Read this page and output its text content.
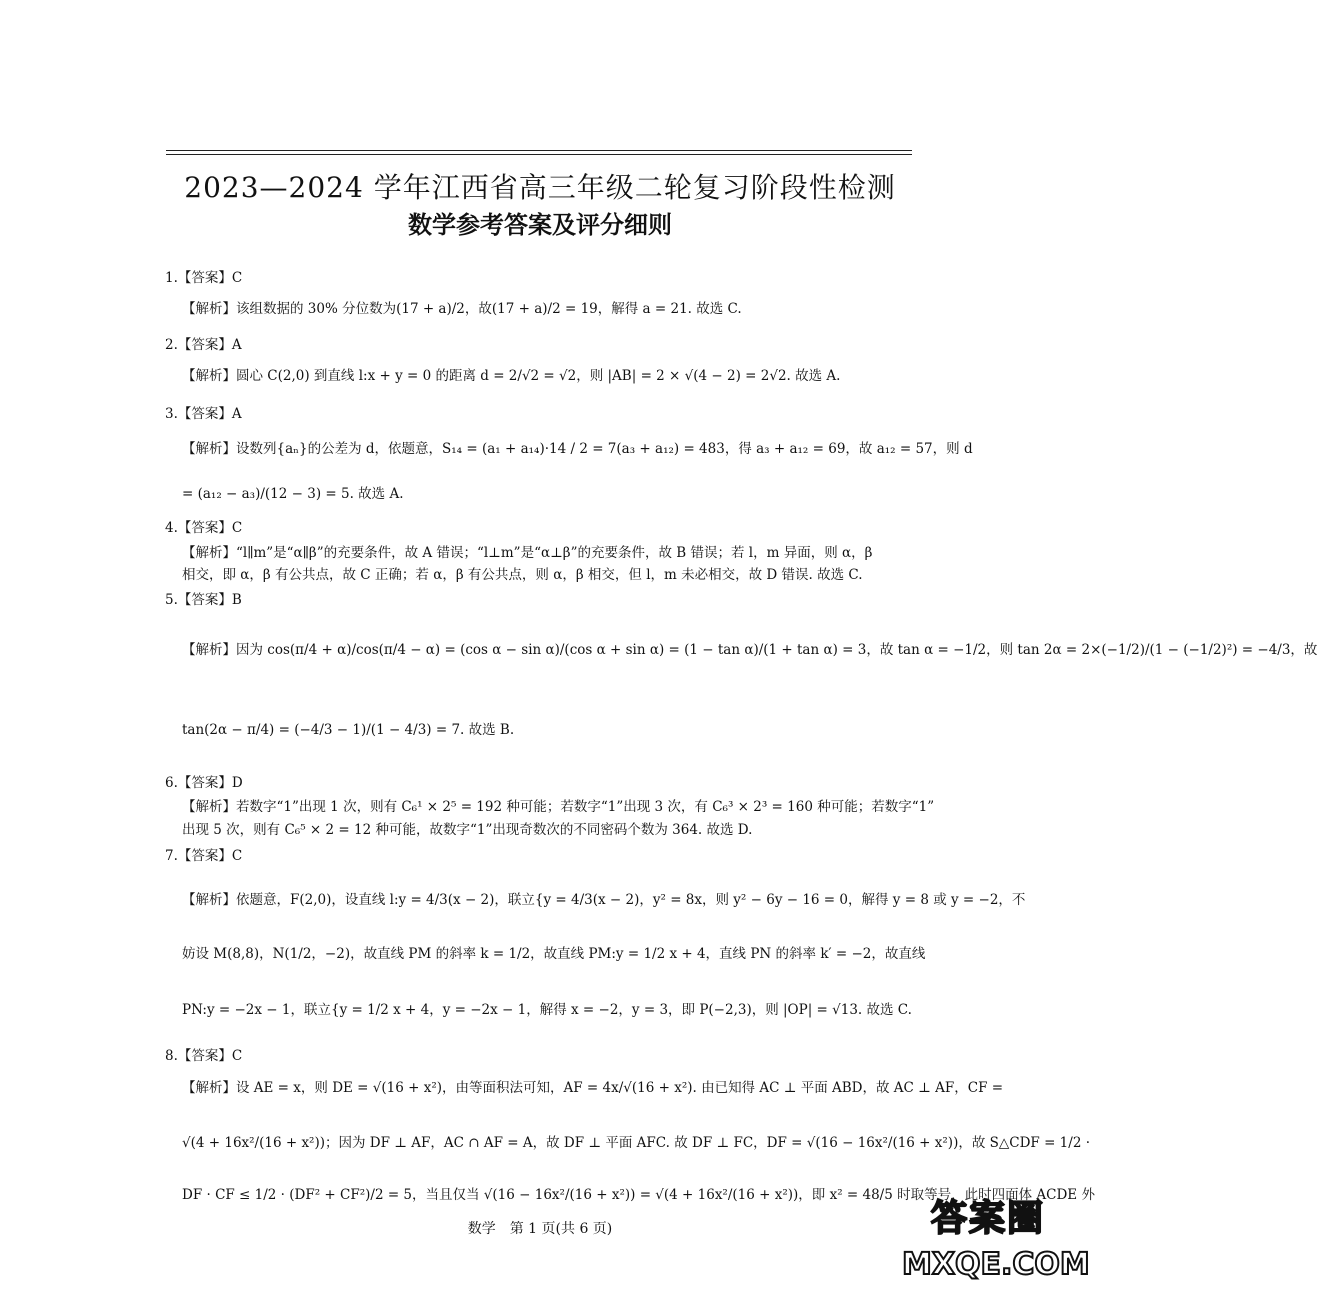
2023—2024 学年江西省高三年级二轮复习阶段性检测
数学参考答案及评分细则
1.【答案】C
【解析】该组数据的 30% 分位数为(17 + a)/2，故(17 + a)/2 = 19，解得 a = 21. 故选 C.
2.【答案】A
【解析】圆心 C(2,0) 到直线 l:x + y = 0 的距离 d = 2/√2 = √2，则 |AB| = 2 × √(4 − 2) = 2√2. 故选 A.
3.【答案】A
【解析】设数列{aₙ}的公差为 d，依题意，S₁₄ = (a₁ + a₁₄)·14 / 2 = 7(a₃ + a₁₂) = 483，得 a₃ + a₁₂ = 69，故 a₁₂ = 57，则 d
= (a₁₂ − a₃)/(12 − 3) = 5. 故选 A.
4.【答案】C
【解析】“l∥m”是“α∥β”的充要条件，故 A 错误；“l⊥m”是“α⊥β”的充要条件，故 B 错误；若 l，m 异面，则 α，β
相交，即 α，β 有公共点，故 C 正确；若 α，β 有公共点，则 α，β 相交，但 l，m 未必相交，故 D 错误. 故选 C.
5.【答案】B
【解析】因为 cos(π/4 + α)/cos(π/4 − α) = (cos α − sin α)/(cos α + sin α) = (1 − tan α)/(1 + tan α) = 3，故 tan α = −1/2，则 tan 2α = 2×(−1/2)/(1 − (−1/2)²) = −4/3，故
tan(2α − π/4) = (−4/3 − 1)/(1 − 4/3) = 7. 故选 B.
6.【答案】D
【解析】若数字“1”出现 1 次，则有 C₆¹ × 2⁵ = 192 种可能；若数字“1”出现 3 次，有 C₆³ × 2³ = 160 种可能；若数字“1”
出现 5 次，则有 C₆⁵ × 2 = 12 种可能，故数字“1”出现奇数次的不同密码个数为 364. 故选 D.
7.【答案】C
【解析】依题意，F(2,0)，设直线 l:y = 4/3(x − 2)，联立{y = 4/3(x − 2)，y² = 8x，则 y² − 6y − 16 = 0，解得 y = 8 或 y = −2，不
妨设 M(8,8)，N(1/2，−2)，故直线 PM 的斜率 k = 1/2，故直线 PM:y = 1/2 x + 4，直线 PN 的斜率 k′ = −2，故直线
PN:y = −2x − 1，联立{y = 1/2 x + 4，y = −2x − 1，解得 x = −2，y = 3，即 P(−2,3)，则 |OP| = √13. 故选 C.
8.【答案】C
【解析】设 AE = x，则 DE = √(16 + x²)，由等面积法可知，AF = 4x/√(16 + x²). 由已知得 AC ⊥ 平面 ABD，故 AC ⊥ AF，CF =
√(4 + 16x²/(16 + x²))；因为 DF ⊥ AF，AC ∩ AF = A，故 DF ⊥ 平面 AFC. 故 DF ⊥ FC，DF = √(16 − 16x²/(16 + x²))，故 S△CDF = 1/2 ·
DF · CF ≤ 1/2 · (DF² + CF²)/2 = 5，当且仅当 √(16 − 16x²/(16 + x²)) = √(4 + 16x²/(16 + x²))，即 x² = 48/5 时取等号，此时四面体 ACDE 外
数学　第 1 页(共 6 页)	答案圈
MXQE.COM
